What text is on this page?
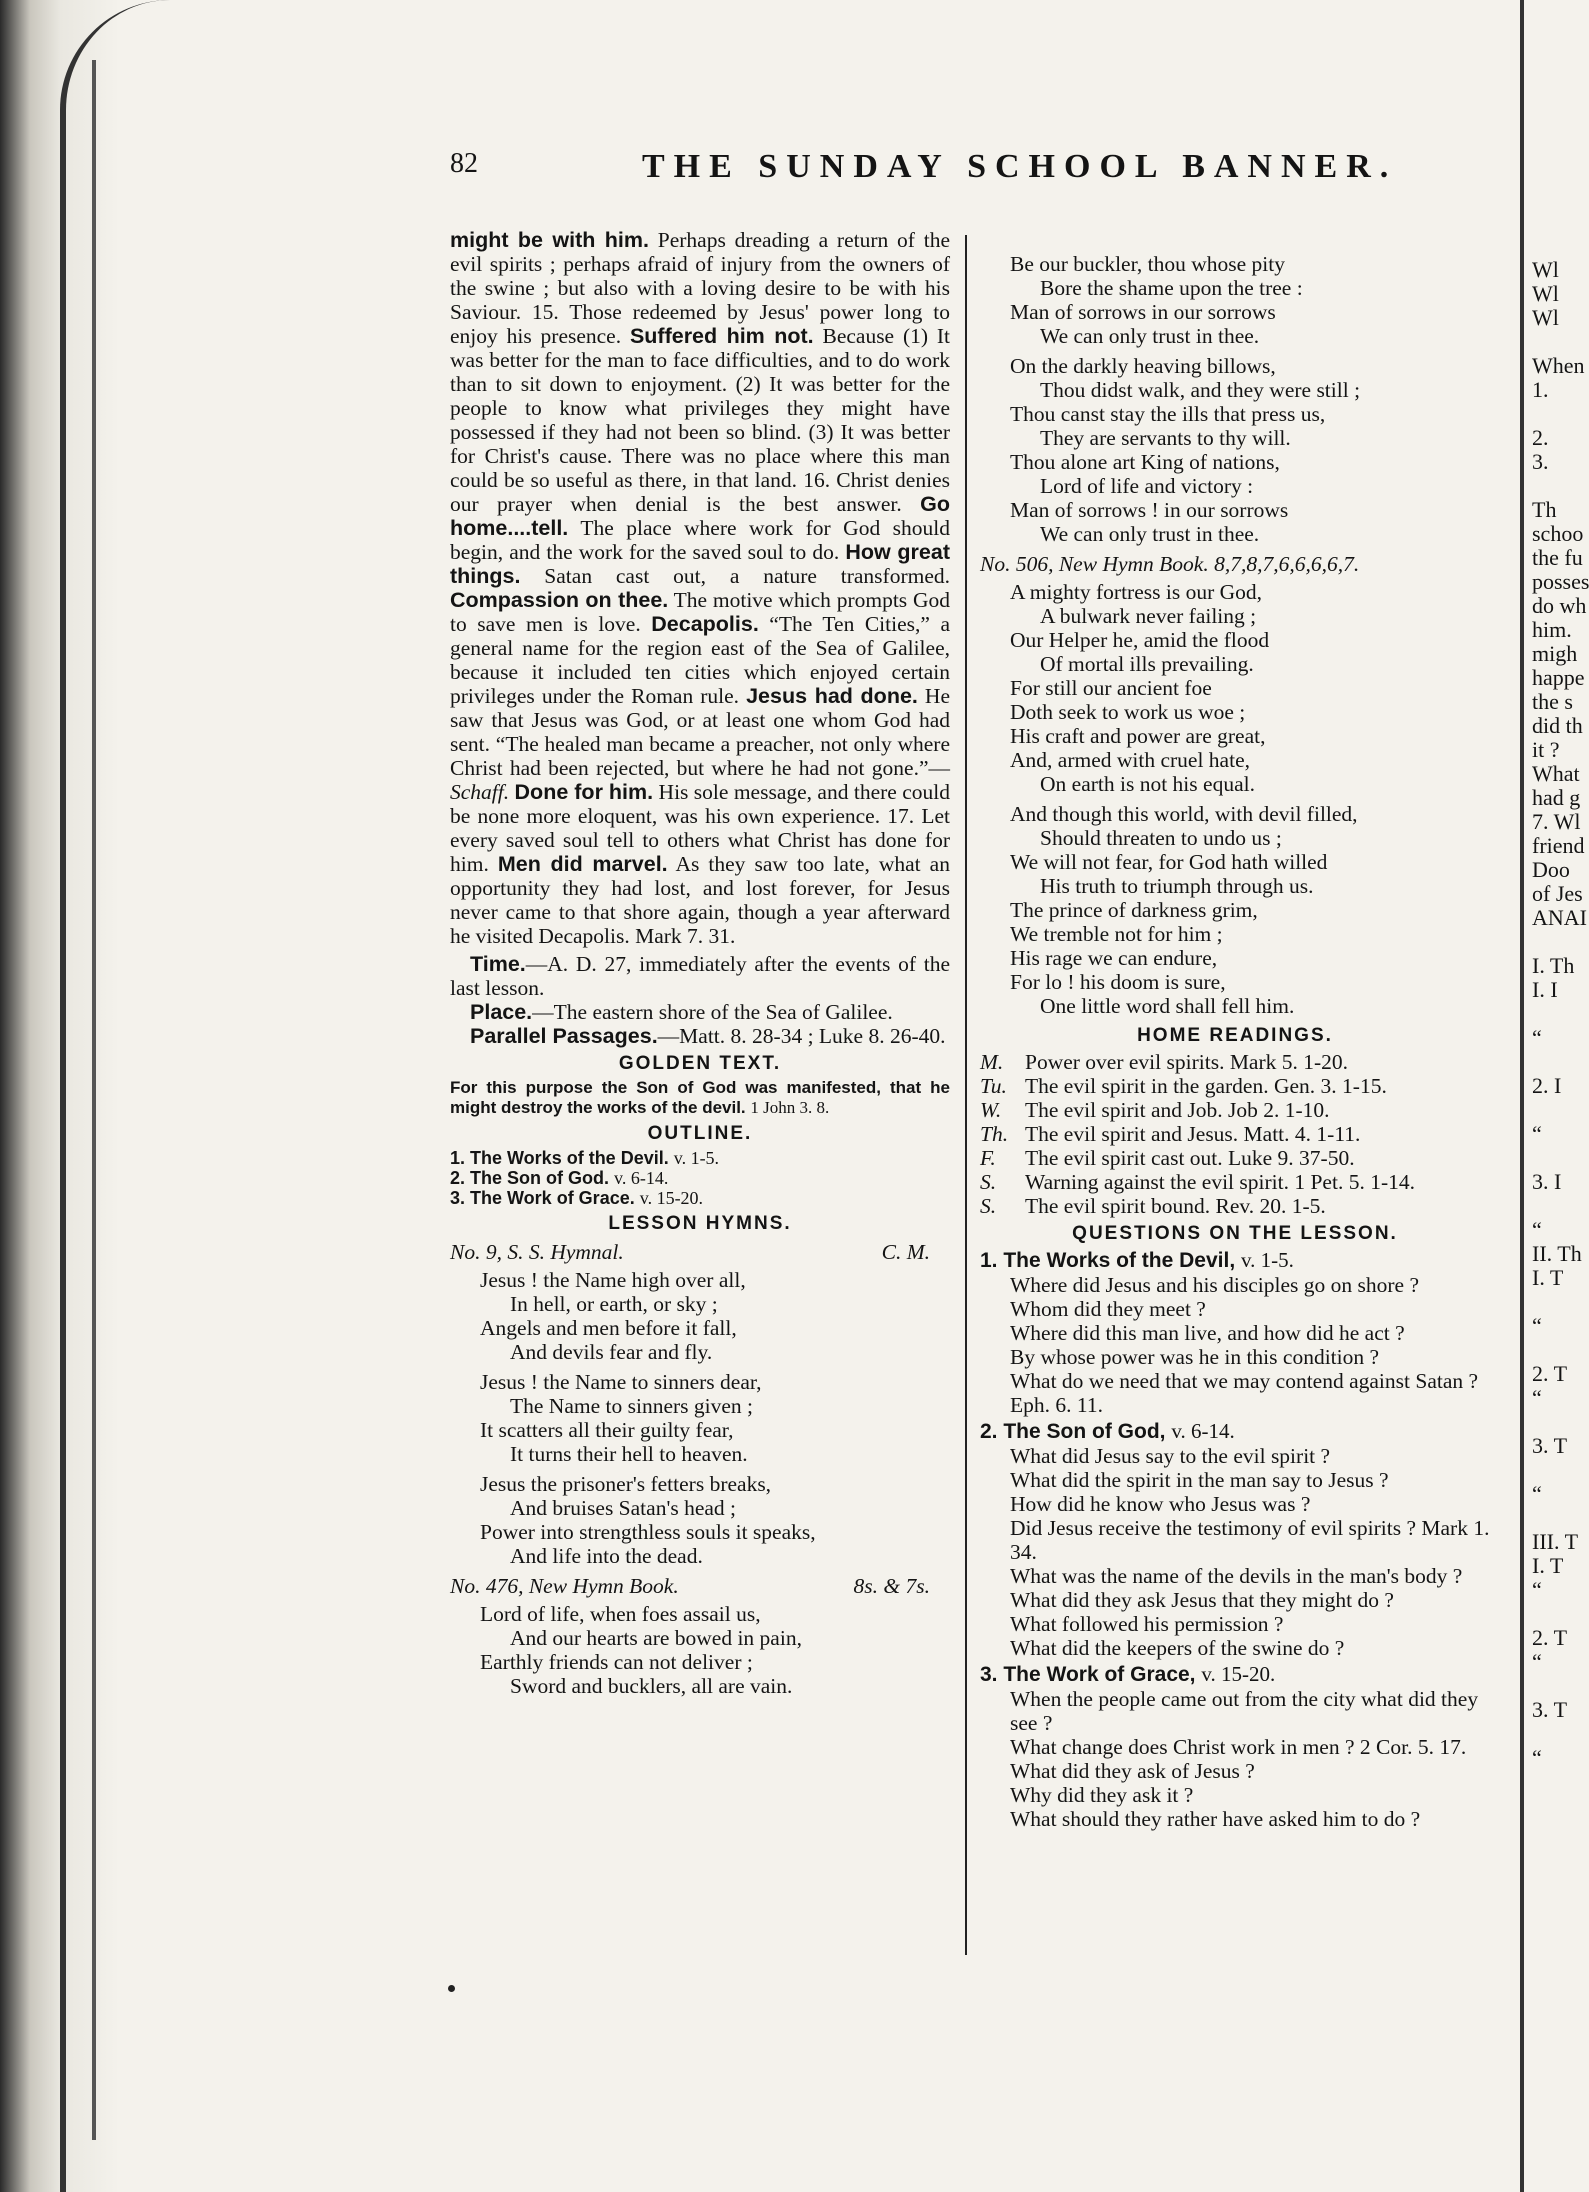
82	THE SUNDAY SCHOOL BANNER.

might be with him. Perhaps dreading a return of the evil spirits ; perhaps afraid of injury from the owners of the swine ; but also with a loving desire to be with his Saviour. 15. Those redeemed by Jesus' power long to enjoy his presence. Suffered him not. Because (1) It was better for the man to face difficulties, and to do work than to sit down to enjoyment. (2) It was better for the people to know what privileges they might have possessed if they had not been so blind. (3) It was better for Christ's cause. There was no place where this man could be so useful as there, in that land. 16. Christ denies our prayer when denial is the best answer. Go home....tell. The place where work for God should begin, and the work for the saved soul to do. How great things. Satan cast out, a nature transformed. Compassion on thee. The motive which prompts God to save men is love. Decapolis. “The Ten Cities,” a general name for the region east of the Sea of Galilee, because it included ten cities which enjoyed certain privileges under the Roman rule. Jesus had done. He saw that Jesus was God, or at least one whom God had sent. “The healed man became a preacher, not only where Christ had been rejected, but where he had not gone.”—Schaff. Done for him. His sole message, and there could be none more eloquent, was his own experience. 17. Let every saved soul tell to others what Christ has done for him. Men did marvel. As they saw too late, what an opportunity they had lost, and lost forever, for Jesus never came to that shore again, though a year afterward he visited Decapolis. Mark 7. 31.

Time.—A. D. 27, immediately after the events of the last lesson.

Place.—The eastern shore of the Sea of Galilee.

Parallel Passages.—Matt. 8. 28-34 ; Luke 8. 26-40.

GOLDEN TEXT.

For this purpose the Son of God was manifested, that he might destroy the works of the devil. 1 John 3. 8.

OUTLINE.
1. The Works of the Devil. v. 1-5.
2. The Son of God. v. 6-14.
3. The Work of Grace. v. 15-20.
LESSON HYMNS.
No. 9, S. S. Hymnal.	C. M.
Jesus ! the Name high over all,
In hell, or earth, or sky ;
Angels and men before it fall,
And devils fear and fly.
Jesus ! the Name to sinners dear,
The Name to sinners given ;
It scatters all their guilty fear,
It turns their hell to heaven.
Jesus the prisoner's fetters breaks,
And bruises Satan's head ;
Power into strengthless souls it speaks,
And life into the dead.
No. 476, New Hymn Book.	8s. & 7s.
Lord of life, when foes assail us,
And our hearts are bowed in pain,
Earthly friends can not deliver ;
Sword and bucklers, all are vain.
Be our buckler, thou whose pity
Bore the shame upon the tree :
Man of sorrows in our sorrows
We can only trust in thee.
On the darkly heaving billows,
Thou didst walk, and they were still ;
Thou canst stay the ills that press us,
They are servants to thy will.
Thou alone art King of nations,
Lord of life and victory :
Man of sorrows ! in our sorrows
We can only trust in thee.
No. 506, New Hymn Book. 8,7,8,7,6,6,6,6,7.
A mighty fortress is our God,
A bulwark never failing ;
Our Helper he, amid the flood
Of mortal ills prevailing.
For still our ancient foe
Doth seek to work us woe ;
His craft and power are great,
And, armed with cruel hate,
On earth is not his equal.
And though this world, with devil filled,
Should threaten to undo us ;
We will not fear, for God hath willed
His truth to triumph through us.
The prince of darkness grim,
We tremble not for him ;
His rage we can endure,
For lo ! his doom is sure,
One little word shall fell him.
HOME READINGS.
M.	Power over evil spirits. Mark 5. 1-20.
Tu. The evil spirit in the garden. Gen. 3. 1-15.
W.	The evil spirit and Job. Job 2. 1-10.
Th. The evil spirit and Jesus. Matt. 4. 1-11.
F.	The evil spirit cast out. Luke 9. 37-50.
S.	Warning against the evil spirit. 1 Pet. 5. 1-14.
S.	The evil spirit bound. Rev. 20. 1-5.
QUESTIONS ON THE LESSON.
1. The Works of the Devil, v. 1-5.
Where did Jesus and his disciples go on shore ?
Whom did they meet ?
Where did this man live, and how did he act ?
By whose power was he in this condition ?
What do we need that we may contend against Satan ? Eph. 6. 11.
2. The Son of God, v. 6-14.
What did Jesus say to the evil spirit ?
What did the spirit in the man say to Jesus ?
How did he know who Jesus was ?
Did Jesus receive the testimony of evil spirits ? Mark 1. 34.
What was the name of the devils in the man's body ?
What did they ask Jesus that they might do ?
What followed his permission ?
What did the keepers of the swine do ?
3. The Work of Grace, v. 15-20.
When the people came out from the city what did they see ?
What change does Christ work in men ? 2 Cor. 5. 17.
What did they ask of Jesus ?
Why did they ask it ?
What should they rather have asked him to do ?
Wl
Wl
Wl

When
1.

2.
3.

Th
schoo
the fu
posses
do wh
him.
migh
happe
the s
did th
it ?
What
had g
7. Wl
friend
Doo
of Jes
ANAI

I. Th
I. I

“

2. I

“

3. I

“
II. Th
I. T

“

2. T
“

3. T

“

III. T
I. T
“

2. T
“

3. T

“
